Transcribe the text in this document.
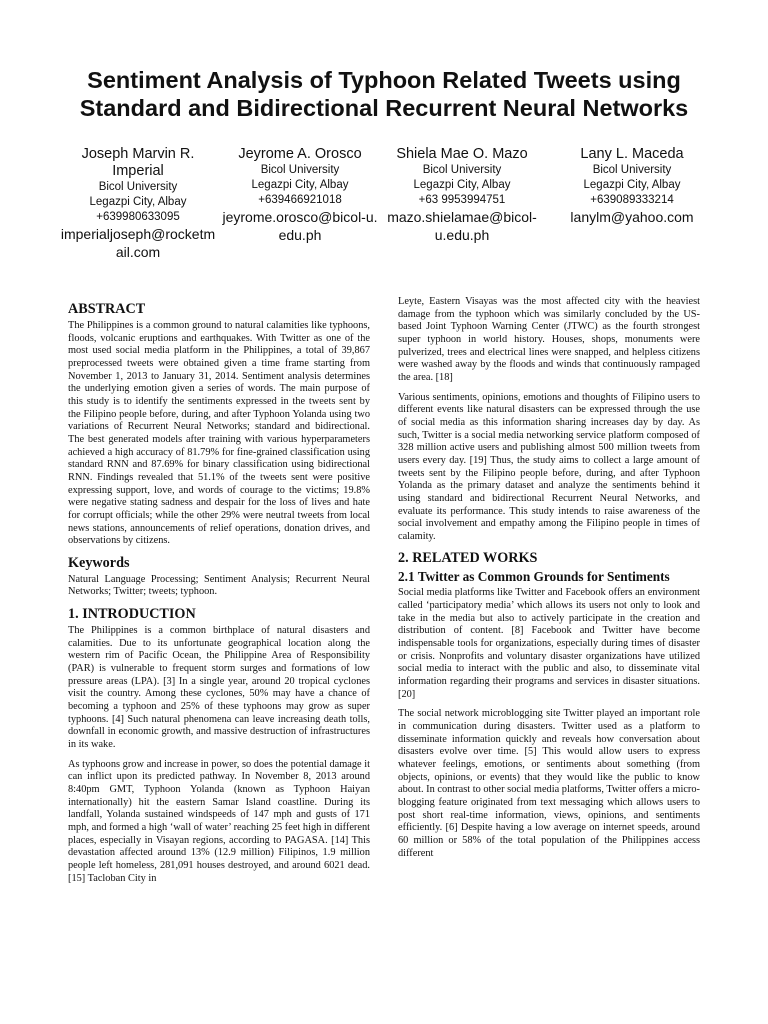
Sentiment Analysis of Typhoon Related Tweets using Standard and Bidirectional Recurrent Neural Networks
Joseph Marvin R. Imperial
Bicol University
Legazpi City, Albay
+639980633095
imperialjoseph@rocketmail.com
Jeyrome A. Orosco
Bicol University
Legazpi City, Albay
+639466921018
jeyrome.orosco@bicol-u.edu.ph
Shiela Mae O. Mazo
Bicol University
Legazpi City, Albay
+63 9953994751
mazo.shielamae@bicol-u.edu.ph
Lany L. Maceda
Bicol University
Legazpi City, Albay
+639089333214
lanylm@yahoo.com
ABSTRACT

The Philippines is a common ground to natural calamities like typhoons, floods, volcanic eruptions and earthquakes. With Twitter as one of the most used social media platform in the Philippines, a total of 39,867 preprocessed tweets were obtained given a time frame starting from November 1, 2013 to January 31, 2014. Sentiment analysis determines the underlying emotion given a series of words. The main purpose of this study is to identify the sentiments expressed in the tweets sent by the Filipino people before, during, and after Typhoon Yolanda using two variations of Recurrent Neural Networks; standard and bidirectional. The best generated models after training with various hyperparameters achieved a high accuracy of 81.79% for fine-grained classification using standard RNN and 87.69% for binary classification using bidirectional RNN. Findings revealed that 51.1% of the tweets sent were positive expressing support, love, and words of courage to the victims; 19.8% were negative stating sadness and despair for the loss of lives and hate for corrupt officials; while the other 29% were neutral tweets from local news stations, announcements of relief operations, donation drives, and observations by citizens.

Keywords

Natural Language Processing; Sentiment Analysis; Recurrent Neural Networks; Twitter; tweets; typhoon.

1. INTRODUCTION

The Philippines is a common birthplace of natural disasters and calamities. Due to its unfortunate geographical location along the western rim of Pacific Ocean, the Philippine Area of Responsibility (PAR) is vulnerable to frequent storm surges and formations of low pressure areas (LPA). [3] In a single year, around 20 tropical cyclones visit the country. Among these cyclones, 50% may have a chance of becoming a typhoon and 25% of these typhoons may grow as super typhoons. [4] Such natural phenomena can leave increasing death tolls, downfall in economic growth, and massive destruction of infrastructures in its wake.

As typhoons grow and increase in power, so does the potential damage it can inflict upon its predicted pathway. In November 8, 2013 around 8:40pm GMT, Typhoon Yolanda (known as Typhoon Haiyan internationally) hit the eastern Samar Island coastline. During its landfall, Yolanda sustained windspeeds of 147 mph and gusts of 171 mph, and formed a high ‘wall of water’ reaching 25 feet high in different places, especially in Visayan regions, according to PAGASA. [14] This devastation affected around 13% (12.9 million) Filipinos, 1.9 million people left homeless, 281,091 houses destroyed, and around 6021 dead. [15] Tacloban City in

Leyte, Eastern Visayas was the most affected city with the heaviest damage from the typhoon which was similarly concluded by the US-based Joint Typhoon Warning Center (JTWC) as the fourth strongest super typhoon in world history. Houses, shops, monuments were pulverized, trees and electrical lines were snapped, and helpless citizens were washed away by the floods and winds that continuously rampaged the area. [18]

Various sentiments, opinions, emotions and thoughts of Filipino users to different events like natural disasters can be expressed through the use of social media as this information sharing increases day by day. As such, Twitter is a social media networking service platform composed of 328 million active users and publishing almost 500 million tweets from users every day. [19] Thus, the study aims to collect a large amount of tweets sent by the Filipino people before, during, and after Typhoon Yolanda as the primary dataset and analyze the sentiments behind it using standard and bidirectional Recurrent Neural Networks, and evaluate its performance. This study intends to raise awareness of the social involvement and empathy among the Filipino people in times of calamity.

2. RELATED WORKS
2.1 Twitter as Common Grounds for Sentiments

Social media platforms like Twitter and Facebook offers an environment called ‘participatory media’ which allows its users not only to look and take in the media but also to actively participate in the creation and distribution of content. [8] Facebook and Twitter have become indispensable tools for organizations, especially during times of disaster or crisis. Nonprofits and voluntary disaster organizations have utilized social media to interact with the public and also, to disseminate vital information regarding their programs and services in disaster situations. [20]

The social network microblogging site Twitter played an important role in communication during disasters. Twitter used as a platform to disseminate information quickly and reveals how conversation about disasters evolve over time. [5] This would allow users to express whatever feelings, emotions, or sentiments about something (from objects, opinions, or events) that they would like the public to know about. In contrast to other social media platforms, Twitter offers a micro-blogging feature originated from text messaging which allows users to post short real-time information, views, opinions, and sentiments efficiently. [6] Despite having a low average on internet speeds, around 60 million or 58% of the total population of the Philippines access different
